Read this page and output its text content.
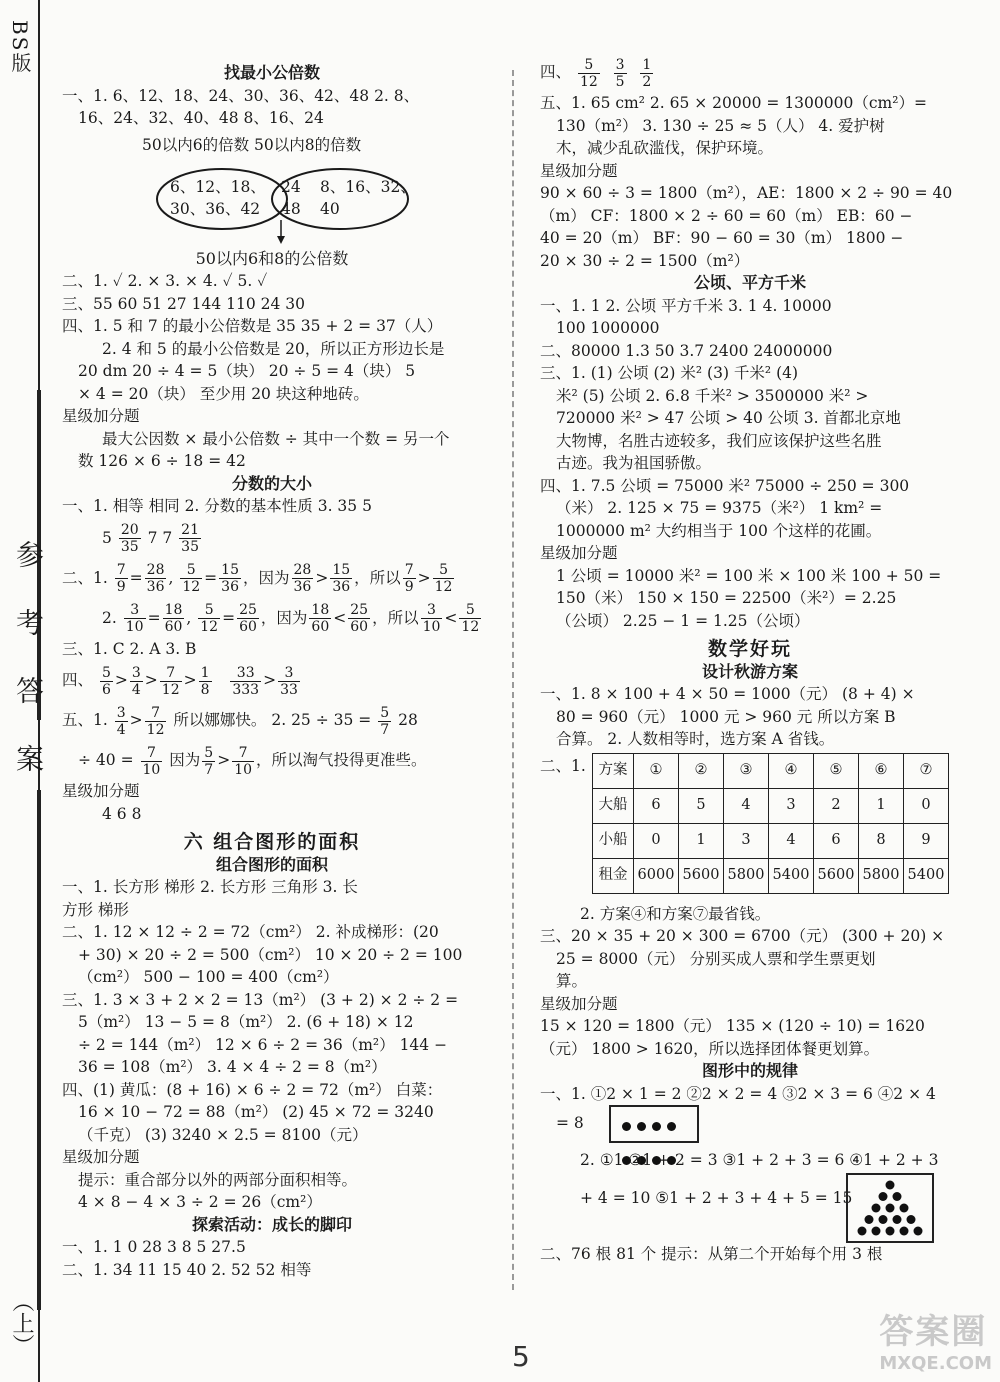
BS版
参考答案
（上）
找最小公倍数
一、1. 6、12、18、24、30、36、42、48 2. 8、
16、24、32、40、48 8、16、24
50以内6的倍数 50以内8的倍数
6、12、18、
30、36、42
24
48
8、16、32、
40
50以内6和8的公倍数
二、1. ✓ 2. × 3. × 4. ✓ 5. ✓
三、55 60 51 27 144 110 24 30
四、1. 5 和 7 的最小公倍数是 35 35 + 2 = 37（人）
2. 4 和 5 的最小公倍数是 20，所以正方形边长是
20 dm 20 ÷ 4 = 5（块） 20 ÷ 5 = 4（块） 5
× 4 = 20（块） 至少用 20 块这种地砖。
星级加分题
最大公因数 × 最小公倍数 ÷ 其中一个数 = 另一个
数 126 × 6 ÷ 18 = 42
分数的大小
一、1. 相等 相同 2. 分数的基本性质 3. 35 5
$5 \frac{20}{35} 7$ $7 \frac{21}{35}$
二、1. $\frac{7}{9} = \frac{28}{36}$ , $\frac{5}{12} = \frac{15}{36}$ ，因为 $\frac{28}{36} > \frac{15}{36}$ ，所以 $\frac{7}{9} > \frac{5}{12}$
2. $\frac{3}{10} = \frac{18}{60}$ , $\frac{5}{12} = \frac{25}{60}$ ，因为 $\frac{18}{60} < \frac{25}{60}$ ，所以 $\frac{3}{10} < \frac{5}{12}$
三、1. C 2. A 3. B
四、 $\frac{5}{6} > \frac{3}{4} > \frac{7}{12} > \frac{1}{8}$
$\frac{33}{333} > \frac{3}{33}$
五、1. $\frac{3}{4} > \frac{7}{12}$ 所以娜娜快。 2. $25 \div 35 = \frac{5}{7} 28$
÷ $40 = \frac{7}{10}$ 因为 $\frac{5}{7} > \frac{7}{10}$ ，所以淘气投得更准些。
星级加分题
4 6 8
六 组合图形的面积
组合图形的面积
一、1. 长方形 梯形 2. 长方形 三角形 3. 长
方形 梯形
二、1. 12 × 12 ÷ 2 = 72（cm²） 2. 补成梯形：(20
+ 30) × 20 ÷ 2 = 500（cm²） 10 × 20 ÷ 2 = 100
（cm²） 500 − 100 = 400（cm²）
三、1. 3 × 3 + 2 × 2 = 13（m²） (3 + 2) × 2 ÷ 2 =
5（m²） 13 − 5 = 8（m²） 2. (6 + 18) × 12
÷ 2 = 144（m²） 12 × 6 ÷ 2 = 36（m²） 144 −
36 = 108（m²） 3. 4 × 4 ÷ 2 = 8（m²）
四、(1) 黄瓜：(8 + 16) × 6 ÷ 2 = 72（m²） 白菜：
16 × 10 − 72 = 88（m²） (2) 45 × 72 = 3240
（千克） (3) 3240 × 2.5 = 8100（元）
星级加分题
提示：重合部分以外的两部分面积相等。
4 × 8 − 4 × 3 ÷ 2 = 26（cm²）
探索活动：成长的脚印
一、1. 1 0 28 3 8 5 27.5
二、1. 34 11 15 40 2. 52 52 相等
四、 $\frac{5}{12}$
$\frac{3}{5}$
$\frac{1}{2}$
五、1. 65 cm² 2. 65 × 20000 = 1300000（cm²）=
130（m²） 3. 130 ÷ 25 ≈ 5（人） 4. 爱护树
木，减少乱砍滥伐，保护环境。
星级加分题
90 × 60 ÷ 3 = 1800（m²），AE：1800 × 2 ÷ 90 = 40
（m） CF：1800 × 2 ÷ 60 = 60（m） EB：60 −
40 = 20（m） BF：90 − 60 = 30（m） 1800 −
20 × 30 ÷ 2 = 1500（m²）
公顷、平方千米
一、1. 1 2. 公顷 平方千米 3. 1 4. 10000
100 1000000
二、80000 1.3 50 3.7 2400 24000000
三、1. (1) 公顷 (2) 米² (3) 千米² (4)
米² (5) 公顷 2. 6.8 千米² > 3500000 米² >
720000 米² > 47 公顷 > 40 公顷 3. 首都北京地
大物博，名胜古迹较多，我们应该保护这些名胜
古迹。我为祖国骄傲。
四、1. 7.5 公顷 = 75000 米² 75000 ÷ 250 = 300
（米） 2. 125 × 75 = 9375（米²） 1 km² =
1000000 m² 大约相当于 100 个这样的花圃。
星级加分题
1 公顷 = 10000 米² = 100 米 × 100 米 100 + 50 =
150（米） 150 × 150 = 22500（米²）= 2.25
（公顷） 2.25 − 1 = 1.25（公顷）
数学好玩
设计秋游方案
一、1. 8 × 100 + 4 × 50 = 1000（元） (8 + 4) ×
80 = 960（元） 1000 元 > 960 元 所以方案 B
合算。 2. 人数相等时，选方案 A 省钱。
二、1. 方案	①	②	③	④	⑤	⑥	⑦
大船	6	5	4	3	2	1	0
小船	0	1	3	4	6	8	9
租金	6000	5600	5800	5400	5600	5800	5400
2. 方案④和方案⑦最省钱。
三、20 × 35 + 20 × 300 = 6700（元） (300 + 20) ×
25 = 8000（元） 分别买成人票和学生票更划
算。
星级加分题
15 × 120 = 1800（元） 135 × (120 ÷ 10) = 1620
（元） 1800 > 1620，所以选择团体餐更划算。
图形中的规律
一、1. ①2 × 1 = 2 ②2 × 2 = 4 ③2 × 3 = 6 ④2 × 4
= 8

2. ①1 ②1 + 2 = 3 ③1 + 2 + 3 = 6 ④1 + 2 + 3
+ 4 = 10 ⑤1 + 2 + 3 + 4 + 5 = 15
二、76 根 81 个 提示：从第二个开始每个用 3 根
5
答案圈
MXQE.COM
